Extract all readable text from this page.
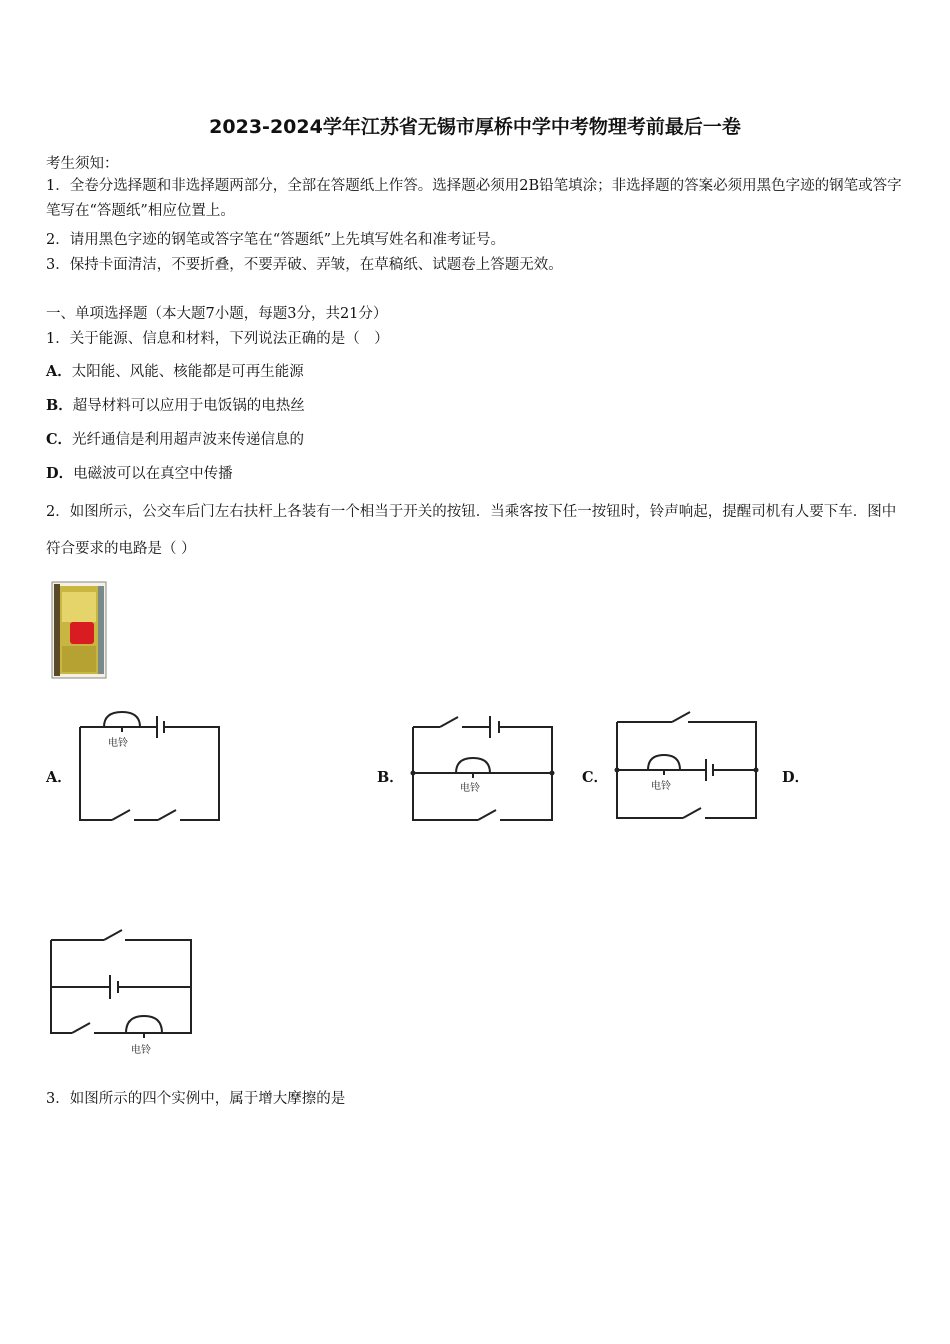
2023-2024学年江苏省无锡市厚桥中学中考物理考前最后一卷
考生须知：
1．全卷分选择题和非选择题两部分，全部在答题纸上作答。选择题必须用2B铅笔填涂；非选择题的答案必须用黑色字迹的钢笔或答字笔写在“答题纸”相应位置上。
2．请用黑色字迹的钢笔或答字笔在“答题纸”上先填写姓名和准考证号。
3．保持卡面清洁，不要折叠，不要弄破、弄皱，在草稿纸、试题卷上答题无效。
一、单项选择题（本大题7小题，每题3分，共21分）
1．关于能源、信息和材料，下列说法正确的是（　）
A．太阳能、风能、核能都是可再生能源
B．超导材料可以应用于电饭锅的电热丝
C．光纤通信是利用超声波来传递信息的
D．电磁波可以在真空中传播
2．如图所示，公交车后门左右扶杆上各装有一个相当于开关的按钮．当乘客按下任一按钮时，铃声响起，提醒司机有人要下车．图中符合要求的电路是（ ）
A．
电铃
电铃	电铃
电铃
B．	C．	D．
3．如图所示的四个实例中，属于增大摩擦的是
